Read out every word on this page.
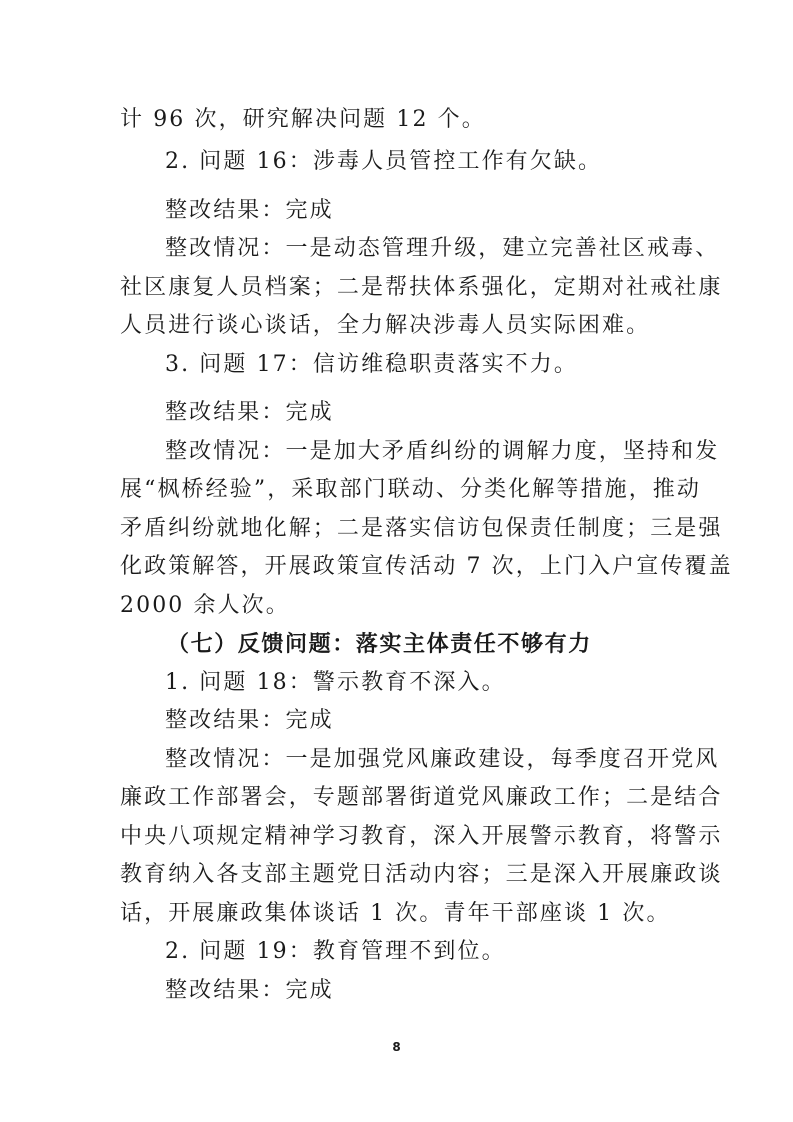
计 96 次，研究解决问题 12 个。
2. 问题 16：涉毒人员管控工作有欠缺。
整改结果：完成
整改情况：一是动态管理升级，建立完善社区戒毒、
社区康复人员档案；二是帮扶体系强化，定期对社戒社康
人员进行谈心谈话，全力解决涉毒人员实际困难。
3. 问题 17：信访维稳职责落实不力。
整改结果：完成
整改情况：一是加大矛盾纠纷的调解力度，坚持和发
展“枫桥经验”，采取部门联动、分类化解等措施，推动
矛盾纠纷就地化解；二是落实信访包保责任制度；三是强
化政策解答，开展政策宣传活动 7 次，上门入户宣传覆盖
2000 余人次。
（七）反馈问题：落实主体责任不够有力
1. 问题 18：警示教育不深入。
整改结果：完成
整改情况：一是加强党风廉政建设，每季度召开党风
廉政工作部署会，专题部署街道党风廉政工作；二是结合
中央八项规定精神学习教育，深入开展警示教育，将警示
教育纳入各支部主题党日活动内容；三是深入开展廉政谈
话，开展廉政集体谈话 1 次。青年干部座谈 1 次。
2. 问题 19：教育管理不到位。
整改结果：完成
8
